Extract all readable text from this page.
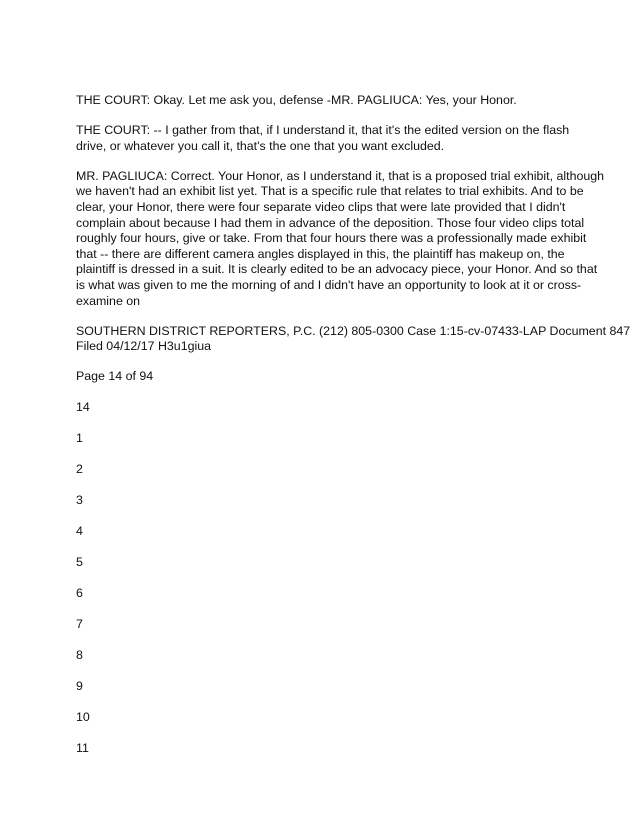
THE COURT: Okay. Let me ask you, defense -MR. PAGLIUCA: Yes, your Honor.
THE COURT: -- I gather from that, if I understand it, that it's the edited version on the flash
drive, or whatever you call it, that's the one that you want excluded.
MR. PAGLIUCA: Correct. Your Honor, as I understand it, that is a proposed trial exhibit, although
we haven't had an exhibit list yet. That is a specific rule that relates to trial exhibits. And to be
clear, your Honor, there were four separate video clips that were late provided that I didn't
complain about because I had them in advance of the deposition. Those four video clips total
roughly four hours, give or take. From that four hours there was a professionally made exhibit
that -- there are different camera angles displayed in this, the plaintiff has makeup on, the
plaintiff is dressed in a suit. It is clearly edited to be an advocacy piece, your Honor. And so that
is what was given to me the morning of and I didn't have an opportunity to look at it or cross-
examine on
SOUTHERN DISTRICT REPORTERS, P.C. (212) 805-0300 Case 1:15-cv-07433-LAP Document 847
Filed 04/12/17 H3u1giua
Page 14 of 94
14
1
2
3
4
5
6
7
8
9
10
11
